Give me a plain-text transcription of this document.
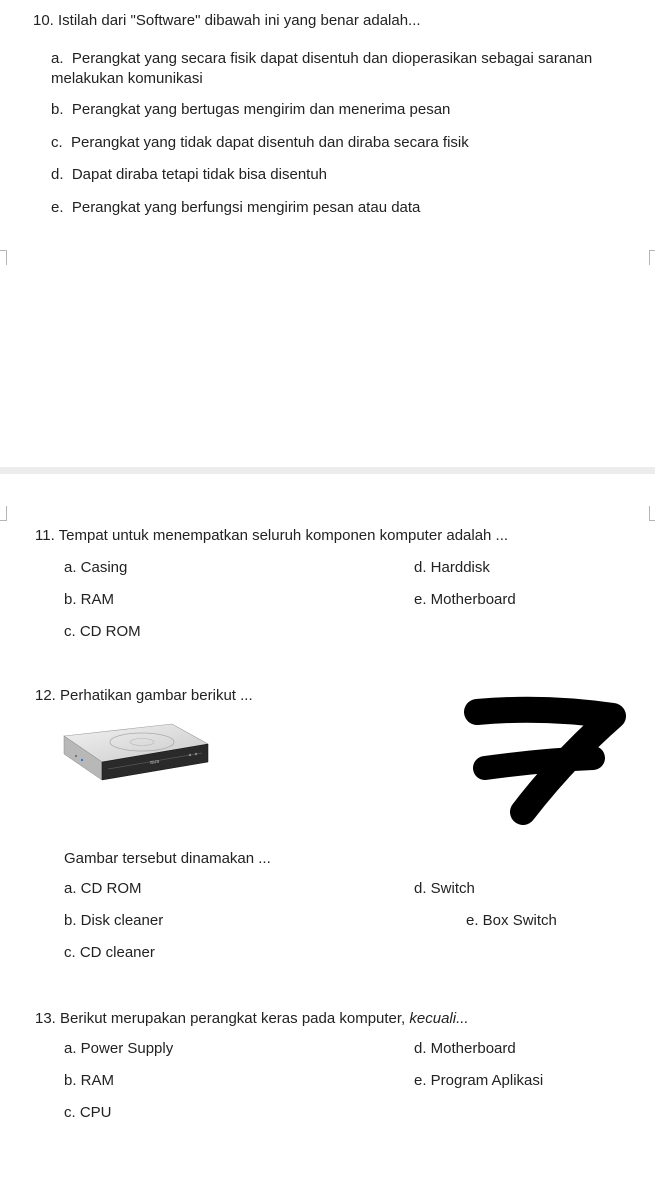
10. Istilah dari "Software" dibawah ini yang benar adalah...
a.  Perangkat yang secara fisik dapat disentuh dan dioperasikan sebagai saranan melakukan komunikasi
b.  Perangkat yang bertugas mengirim dan menerima pesan
c.  Perangkat yang tidak dapat disentuh dan diraba secara fisik
d.  Dapat diraba tetapi tidak bisa disentuh
e.  Perangkat yang berfungsi mengirim pesan atau data
11. Tempat untuk menempatkan seluruh komponen komputer adalah ...
a. Casing
b. RAM
c. CD ROM
d. Harddisk
e. Motherboard
12. Perhatikan gambar berikut ...
/SUS
Gambar tersebut dinamakan ...
a. CD ROM
b. Disk cleaner
c. CD cleaner
d. Switch
e. Box Switch
13. Berikut merupakan perangkat keras pada komputer, kecuali...
a. Power Supply
b. RAM
c. CPU
d. Motherboard
e. Program Aplikasi
